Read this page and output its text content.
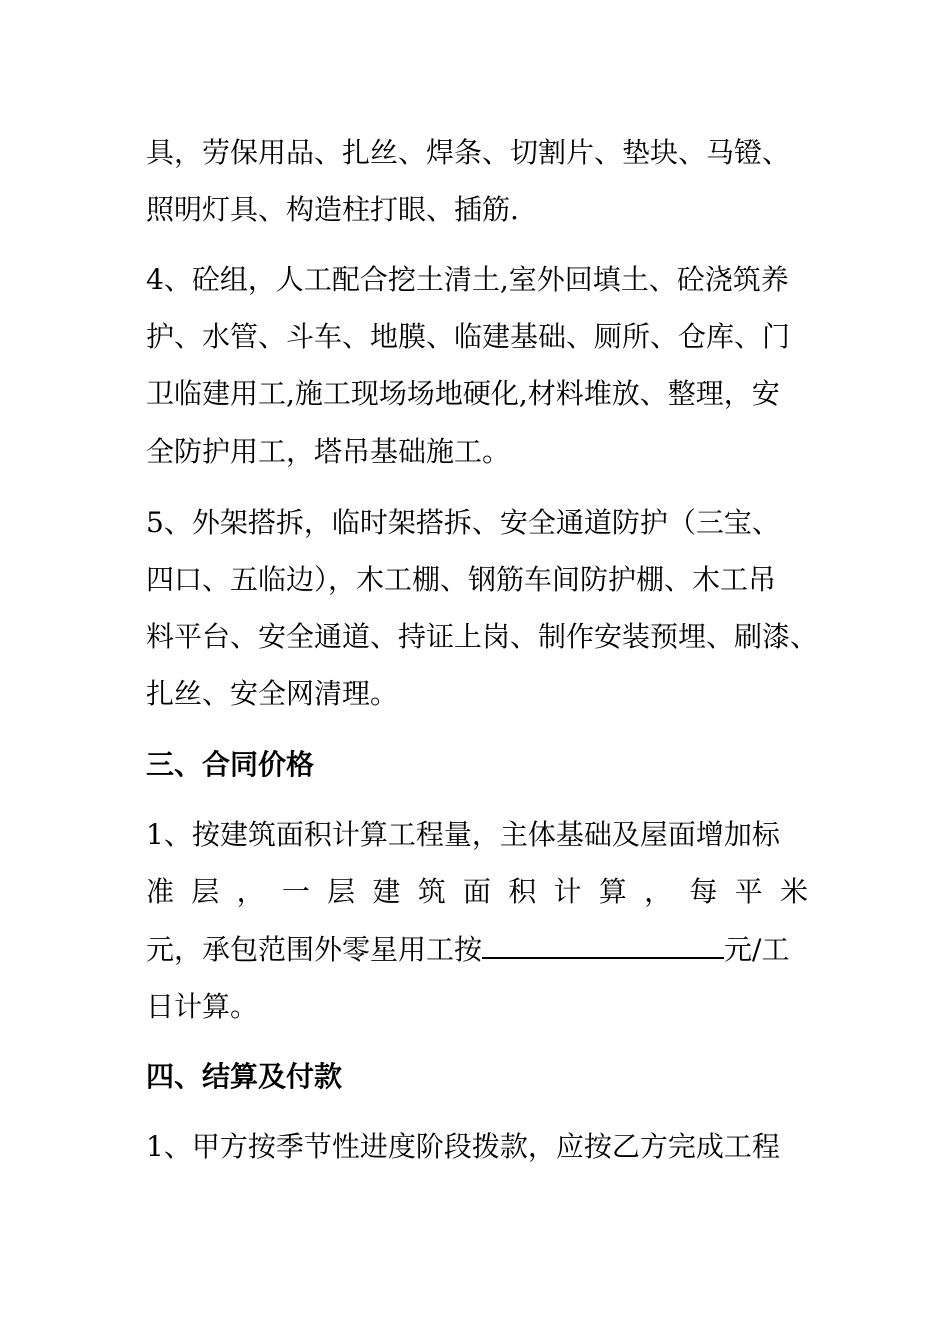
具，劳保用品、扎丝、焊条、切割片、垫块、马镫、
照明灯具、构造柱打眼、插筋.
4、砼组，人工配合挖土清土,室外回填土、砼浇筑养
护、水管、斗车、地膜、临建基础、厕所、仓库、门
卫临建用工,施工现场场地硬化,材料堆放、整理，安
全防护用工，塔吊基础施工。
5、外架搭拆，临时架搭拆、安全通道防护（三宝、
四口、五临边），木工棚、钢筋车间防护棚、木工吊
料平台、安全通道、持证上岗、制作安装预埋、刷漆、
扎丝、安全网清理。
三、合同价格
1、按建筑面积计算工程量，主体基础及屋面增加标
准 层 ， 一 层 建 筑 面 积 计 算 ， 每 平 米
元，承包范围外零星用工按	元/工
日计算。
四、结算及付款
1、甲方按季节性进度阶段拨款，应按乙方完成工程
